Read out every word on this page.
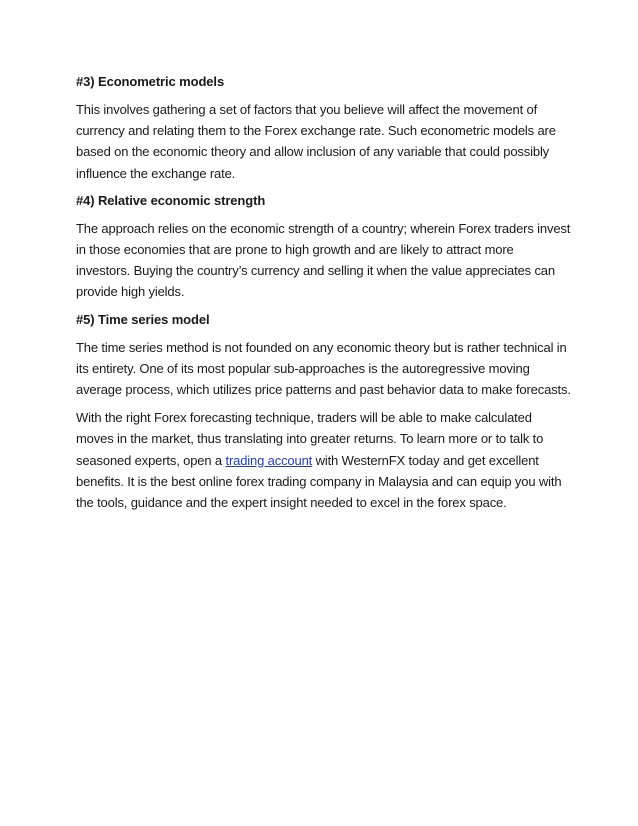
#3) Econometric models
This involves gathering a set of factors that you believe will affect the movement of currency and relating them to the Forex exchange rate. Such econometric models are based on the economic theory and allow inclusion of any variable that could possibly influence the exchange rate.
#4) Relative economic strength
The approach relies on the economic strength of a country; wherein Forex traders invest in those economies that are prone to high growth and are likely to attract more investors. Buying the country’s currency and selling it when the value appreciates can provide high yields.
#5) Time series model
The time series method is not founded on any economic theory but is rather technical in its entirety. One of its most popular sub-approaches is the autoregressive moving average process, which utilizes price patterns and past behavior data to make forecasts.
With the right Forex forecasting technique, traders will be able to make calculated moves in the market, thus translating into greater returns. To learn more or to talk to seasoned experts, open a trading account with WesternFX today and get excellent benefits. It is the best online forex trading company in Malaysia and can equip you with the tools, guidance and the expert insight needed to excel in the forex space.
